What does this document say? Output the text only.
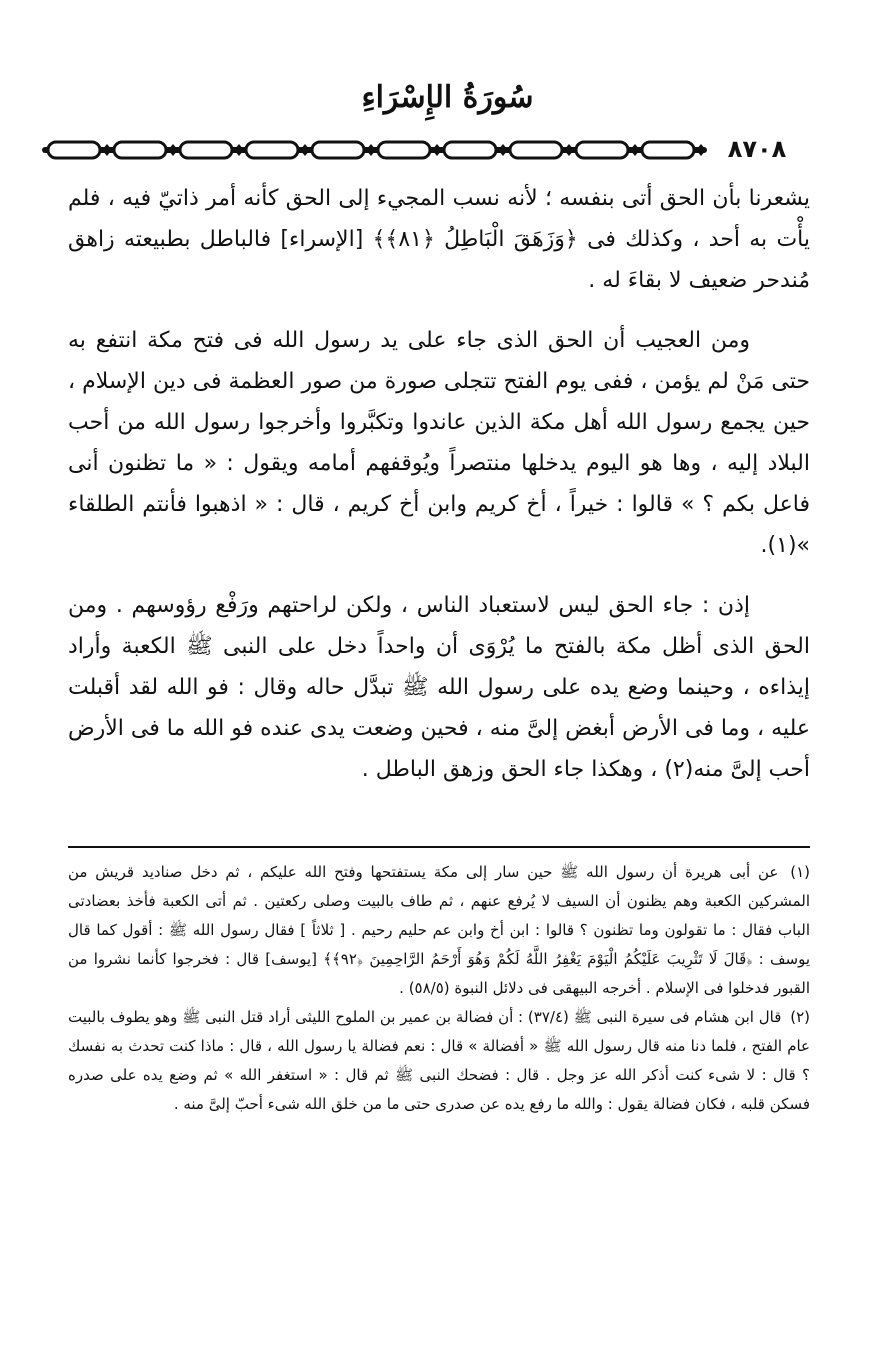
سُورَةُ الإِسْرَاءِ
٨٧٠٨

يشعرنا بأن الحق أتى بنفسه ؛ لأنه نسب المجيء إلى الحق كأنه أمر ذاتيّ فيه ، فلم يأْت به أحد ، وكذلك فى ﴿وَزَهَقَ الْبَاطِلُ ﴿٨١﴾﴾ [الإسراء] فالباطل بطبيعته زاهق مُندحر ضعيف لا بقاءَ له .

ومن العجيب أن الحق الذى جاء على يد رسول الله فى فتح مكة انتفع به حتى مَنْ لم يؤمن ، ففى يوم الفتح تتجلى صورة من صور العظمة فى دين الإسلام ، حين يجمع رسول الله أهل مكة الذين عاندوا وتكبَّروا وأخرجوا رسول الله من أحب البلاد إليه ، وها هو اليوم يدخلها منتصراً ويُوقفهم أمامه ويقول : « ما تظنون أنى فاعل بكم ؟ » قالوا : خيراً ، أخ كريم وابن أخ كريم ، قال : « اذهبوا فأنتم الطلقاء »(١).

إذن : جاء الحق ليس لاستعباد الناس ، ولكن لراحتهم ورَفْع رؤوسهم . ومن الحق الذى أظل مكة بالفتح ما يُرْوَى أن واحداً دخل على النبى ﷺ الكعبة وأراد إيذاءه ، وحينما وضع يده على رسول الله ﷺ تبدَّل حاله وقال : فو الله لقد أقبلت عليه ، وما فى الأرض أبغض إلىَّ منه ، فحين وضعت يدى عنده فو الله ما فى الأرض أحب إلىَّ منه(٢) ، وهكذا جاء الحق وزهق الباطل .

(١) عن أبى هريرة أن رسول الله ﷺ حين سار إلى مكة يستفتحها وفتح الله عليكم ، ثم دخل صناديد قريش من المشركين الكعبة وهم يظنون أن السيف لا يُرفع عنهم ، ثم طاف بالبيت وصلى ركعتين . ثم أتى الكعبة فأخذ بعضادتى الباب فقال : ما تقولون وما تظنون ؟ قالوا : ابن أخ وابن عم حليم رحيم . [ ثلاثاً ] فقال رسول الله ﷺ : أقول كما قال يوسف : ﴿قَالَ لَا تَثْرِيبَ عَلَيْكُمُ الْيَوْمَ يَغْفِرُ اللَّهُ لَكُمْ وَهُوَ أَرْحَمُ الرَّاحِمِينَ ﴿٩٢﴾﴾ [يوسف] قال : فخرجوا كأنما نشروا من القبور فدخلوا فى الإسلام . أخرجه البيهقى فى دلائل النبوة (٥٨/٥) .

(٢) قال ابن هشام فى سيرة النبى ﷺ (٣٧/٤) : أن فضالة بن عمير بن الملوح الليثى أراد قتل النبى ﷺ وهو يطوف بالبيت عام الفتح ، فلما دنا منه قال رسول الله ﷺ « أفضالة » قال : نعم فضالة يا رسول الله ، قال : ماذا كنت تحدث به نفسك ؟ قال : لا شىء كنت أذكر الله عز وجل . قال : فضحك النبى ﷺ ثم قال : « استغفر الله » ثم وضع يده على صدره فسكن قلبه ، فكان فضالة يقول : والله ما رفع يده عن صدرى حتى ما من خلق الله شىء أحبّ إلىَّ منه .
